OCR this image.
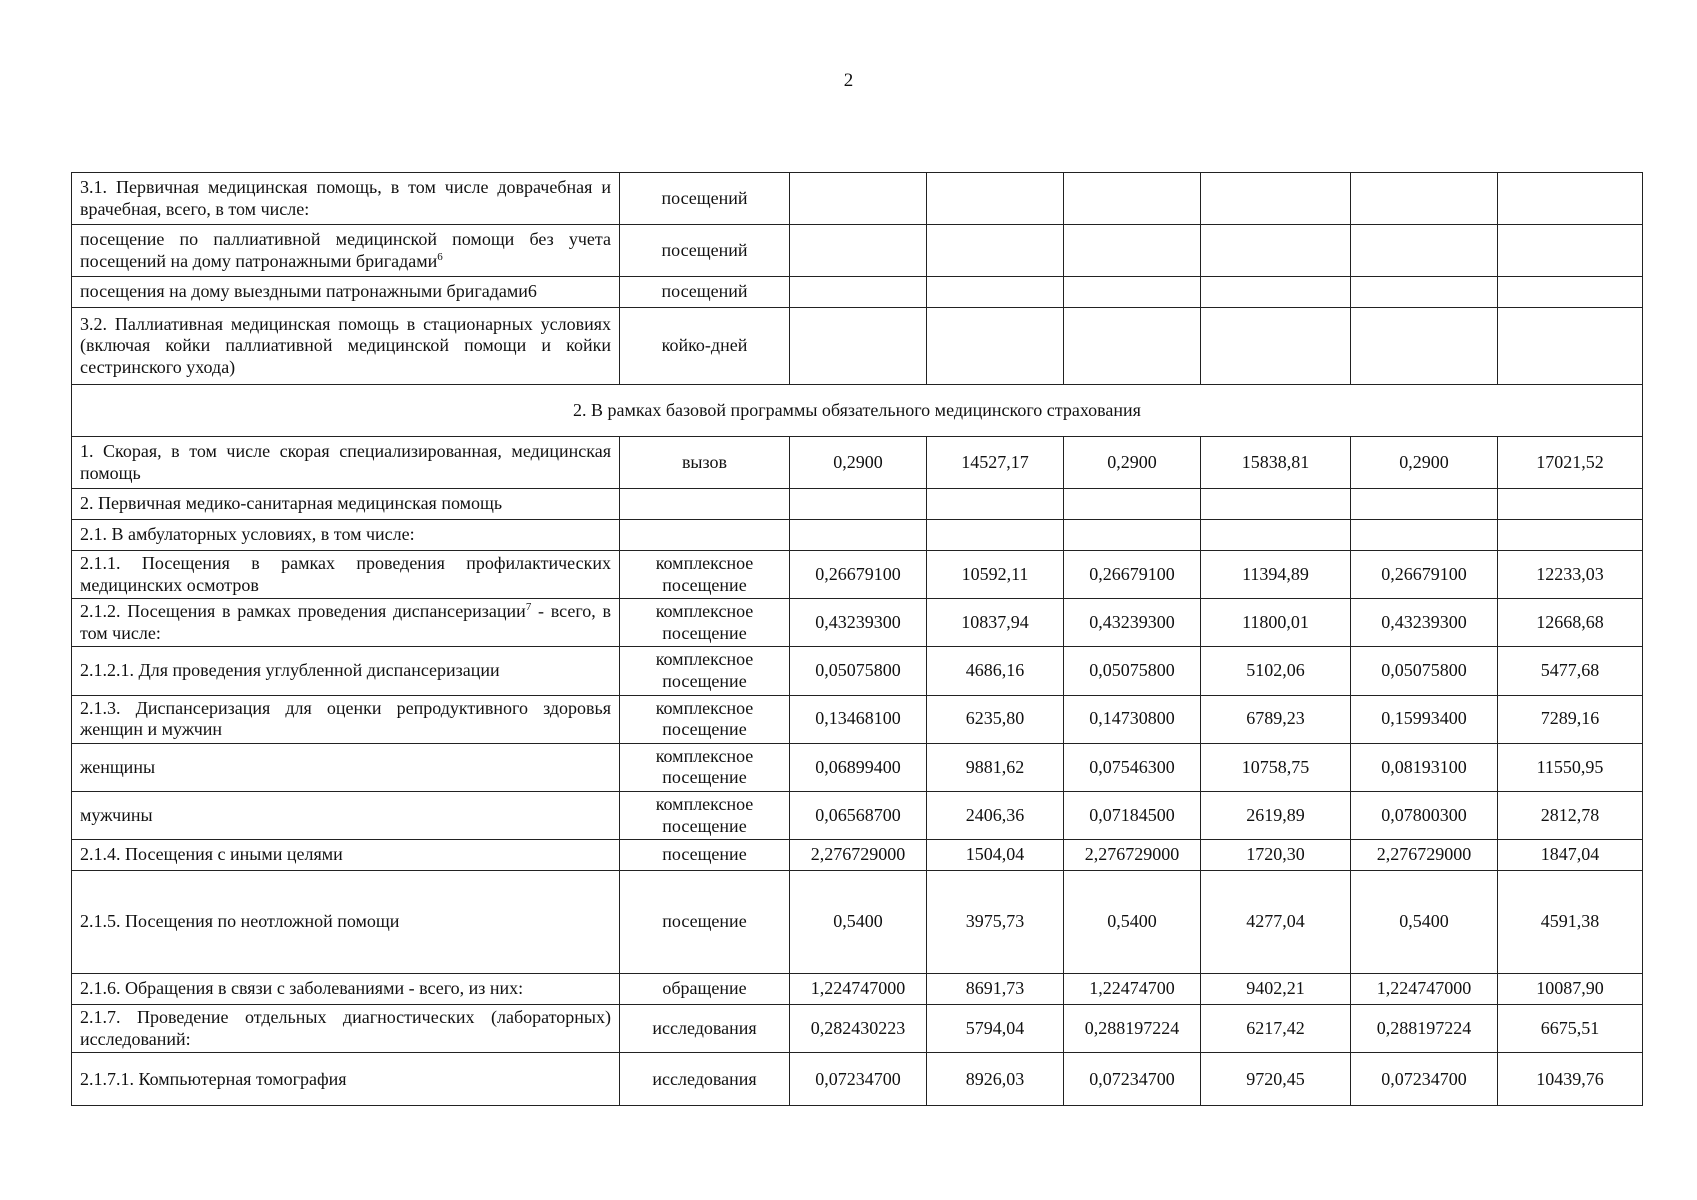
2
3.1. Первичная медицинская помощь, в том числе доврачебная и врачебная, всего, в том числе:	посещений						
посещение по паллиативной медицинской помощи без учета посещений на дому патронажными бригадами$^6$	посещений						
посещения на дому выездными патронажными бригадами6	посещений						
3.2. Паллиативная медицинская помощь в стационарных условиях (включая койки паллиативной медицинской помощи и койки сестринского ухода)	койко-дней						
2. В рамках базовой программы обязательного медицинского страхования							
1. Скорая, в том числе скорая специализированная, медицинская помощь	вызов	0,2900	14527,17	0,2900	15838,81	0,2900	17021,52
2. Первичная медико-санитарная медицинская помощь							
2.1. В амбулаторных условиях, в том числе:							
2.1.1. Посещения в рамках проведения профилактических медицинских осмотров	комплексное посещение	0,26679100	10592,11	0,26679100	11394,89	0,26679100	12233,03
2.1.2. Посещения в рамках проведения диспансеризации$^7$ - всего, в том числе:	комплексное посещение	0,43239300	10837,94	0,43239300	11800,01	0,43239300	12668,68
2.1.2.1. Для проведения углубленной диспансеризации	комплексное посещение	0,05075800	4686,16	0,05075800	5102,06	0,05075800	5477,68
2.1.3. Диспансеризация для оценки репродуктивного здоровья женщин и мужчин	комплексное посещение	0,13468100	6235,80	0,14730800	6789,23	0,15993400	7289,16
женщины	комплексное посещение	0,06899400	9881,62	0,07546300	10758,75	0,08193100	11550,95
мужчины	комплексное посещение	0,06568700	2406,36	0,07184500	2619,89	0,07800300	2812,78
2.1.4. Посещения с иными целями	посещение	2,276729000	1504,04	2,276729000	1720,30	2,276729000	1847,04
2.1.5. Посещения по неотложной помощи	посещение	0,5400	3975,73	0,5400	4277,04	0,5400	4591,38
2.1.6. Обращения в связи с заболеваниями - всего, из них:	обращение	1,224747000	8691,73	1,22474700	9402,21	1,224747000	10087,90
2.1.7. Проведение отдельных диагностических (лабораторных) исследований:	исследования	0,282430223	5794,04	0,288197224	6217,42	0,288197224	6675,51
2.1.7.1. Компьютерная томография	исследования	0,07234700	8926,03	0,07234700	9720,45	0,07234700	10439,76
